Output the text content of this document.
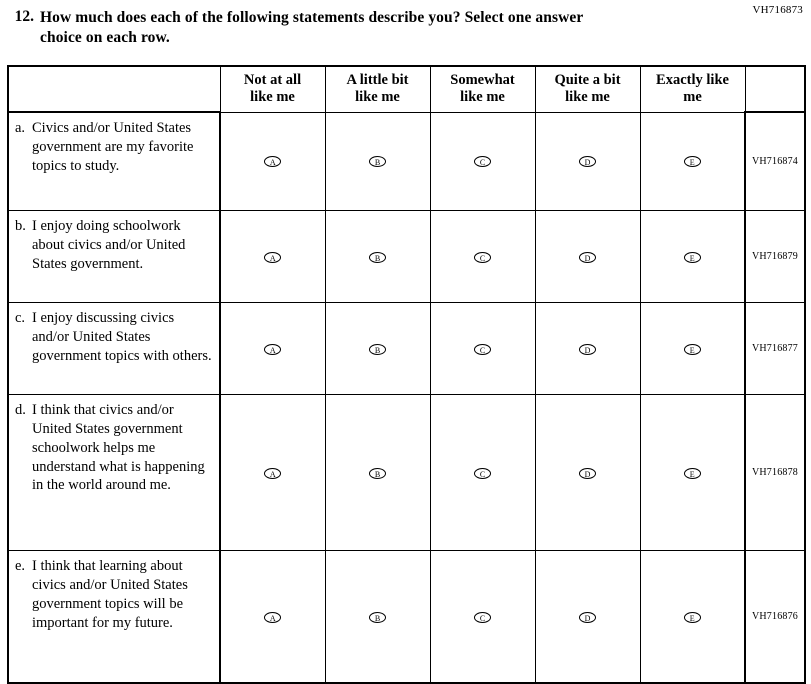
VH716873
12. How much does each of the following statements describe you? Select one answer
choice on each row.
	Not at all
like me	A little bit
like me	Somewhat
like me	Quite a bit
like me	Exactly like
me	

a. Civics and/or United States government are my favorite topics to study.	A	B	C	D	E	VH716874

b. I enjoy doing schoolwork about civics and/or United States government.	A	B	C	D	E	VH716879

c. I enjoy discussing civics and/or United States government topics with others.	A	B	C	D	E	VH716877

d. I think that civics and/or United States government schoolwork helps me understand what is happening in the world around me.	A	B	C	D	E	VH716878

e. I think that learning about civics and/or United States government topics will be important for my future.	A	B	C	D	E	VH716876
